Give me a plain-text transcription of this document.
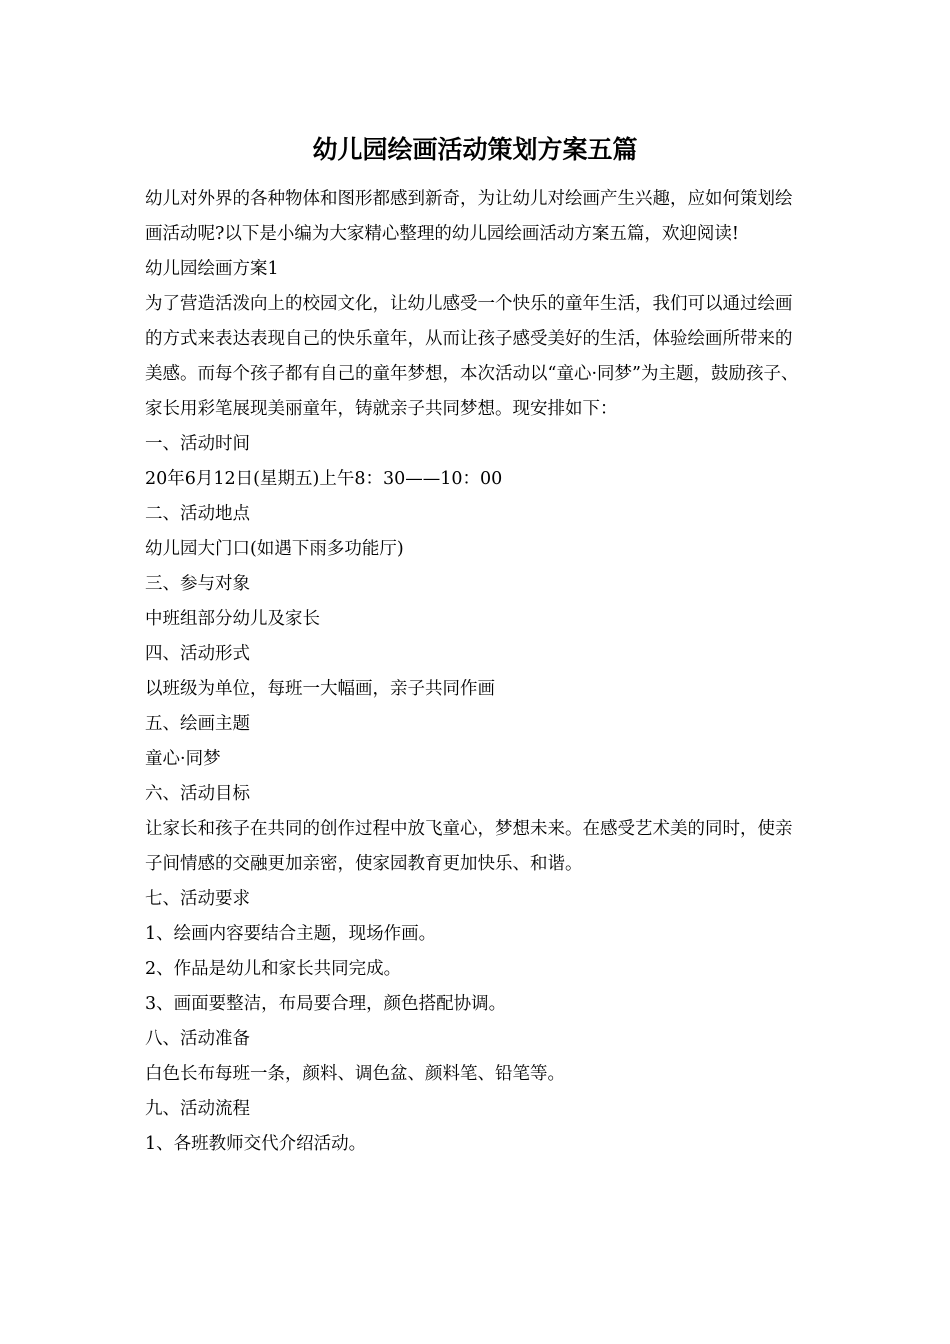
幼儿园绘画活动策划方案五篇

幼儿对外界的各种物体和图形都感到新奇，为让幼儿对绘画产生兴趣，应如何策划绘画活动呢?以下是小编为大家精心整理的幼儿园绘画活动方案五篇，欢迎阅读!

幼儿园绘画方案1

为了营造活泼向上的校园文化，让幼儿感受一个快乐的童年生活，我们可以通过绘画的方式来表达表现自己的快乐童年，从而让孩子感受美好的生活，体验绘画所带来的美感。而每个孩子都有自己的童年梦想，本次活动以“童心·同梦”为主题，鼓励孩子、家长用彩笔展现美丽童年，铸就亲子共同梦想。现安排如下：

一、活动时间

20年6月12日(星期五)上午8：30——10：00

二、活动地点

幼儿园大门口(如遇下雨多功能厅)

三、参与对象

中班组部分幼儿及家长

四、活动形式

以班级为单位，每班一大幅画，亲子共同作画

五、绘画主题

童心·同梦

六、活动目标

让家长和孩子在共同的创作过程中放飞童心，梦想未来。在感受艺术美的同时，使亲子间情感的交融更加亲密，使家园教育更加快乐、和谐。

七、活动要求

1、绘画内容要结合主题，现场作画。

2、作品是幼儿和家长共同完成。

3、画面要整洁，布局要合理，颜色搭配协调。

八、活动准备

白色长布每班一条，颜料、调色盆、颜料笔、铅笔等。

九、活动流程

1、各班教师交代介绍活动。
